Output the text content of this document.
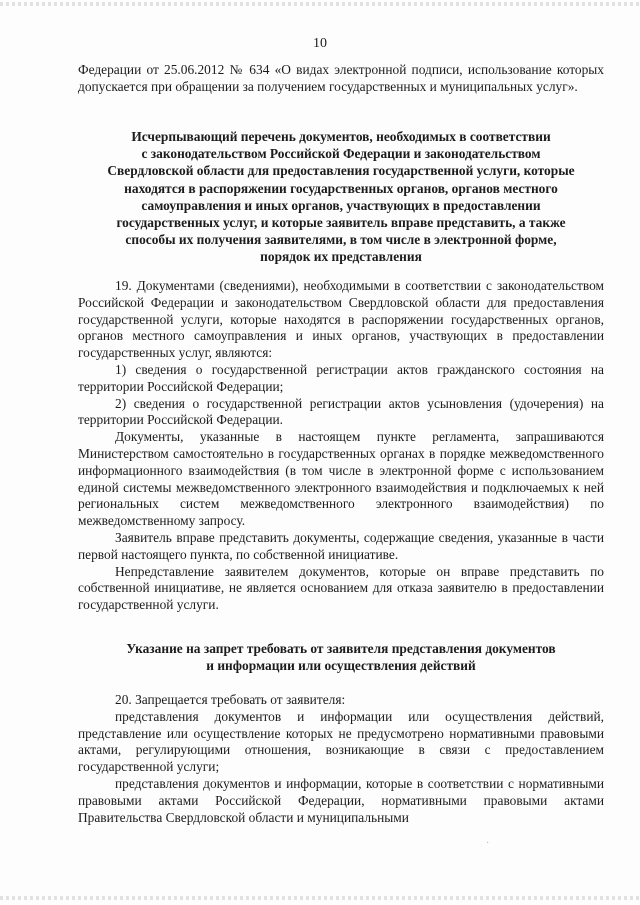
10

Федерации от 25.06.2012 № 634 «О видах электронной подписи, использование которых допускается при обращении за получением государственных и муниципальных услуг».

Исчерпывающий перечень документов, необходимых в соответствии

с законодательством Российской Федерации и законодательством

Свердловской области для предоставления государственной услуги, которые

находятся в распоряжении государственных органов, органов местного

самоуправления и иных органов, участвующих в предоставлении

государственных услуг, и которые заявитель вправе представить, а также

способы их получения заявителями, в том числе в электронной форме,

порядок их представления

19. Документами (сведениями), необходимыми в соответствии с законодательством Российской Федерации и законодательством Свердловской области для предоставления государственной услуги, которые находятся в распоряжении государственных органов, органов местного самоуправления и иных органов, участвующих в предоставлении государственных услуг, являются:

1) сведения о государственной регистрации актов гражданского состояния на территории Российской Федерации;

2) сведения о государственной регистрации актов усыновления (удочерения) на территории Российской Федерации.

Документы, указанные в настоящем пункте регламента, запрашиваются Министерством самостоятельно в государственных органах в порядке межведомственного информационного взаимодействия (в том числе в электронной форме с использованием единой системы межведомственного электронного взаимодействия и подключаемых к ней региональных систем межведомственного электронного взаимодействия) по межведомственному запросу.

Заявитель вправе представить документы, содержащие сведения, указанные в части первой настоящего пункта, по собственной инициативе.

Непредставление заявителем документов, которые он вправе представить по собственной инициативе, не является основанием для отказа заявителю в предоставлении государственной услуги.

Указание на запрет требовать от заявителя представления документов

и информации или осуществления действий

20. Запрещается требовать от заявителя:

представления документов и информации или осуществления действий, представление или осуществление которых не предусмотрено нормативными правовыми актами, регулирующими отношения, возникающие в связи с предоставлением государственной услуги;

представления документов и информации, которые в соответствии с нормативными правовыми актами Российской Федерации, нормативными правовыми актами Правительства Свердловской области и муниципальными

·
